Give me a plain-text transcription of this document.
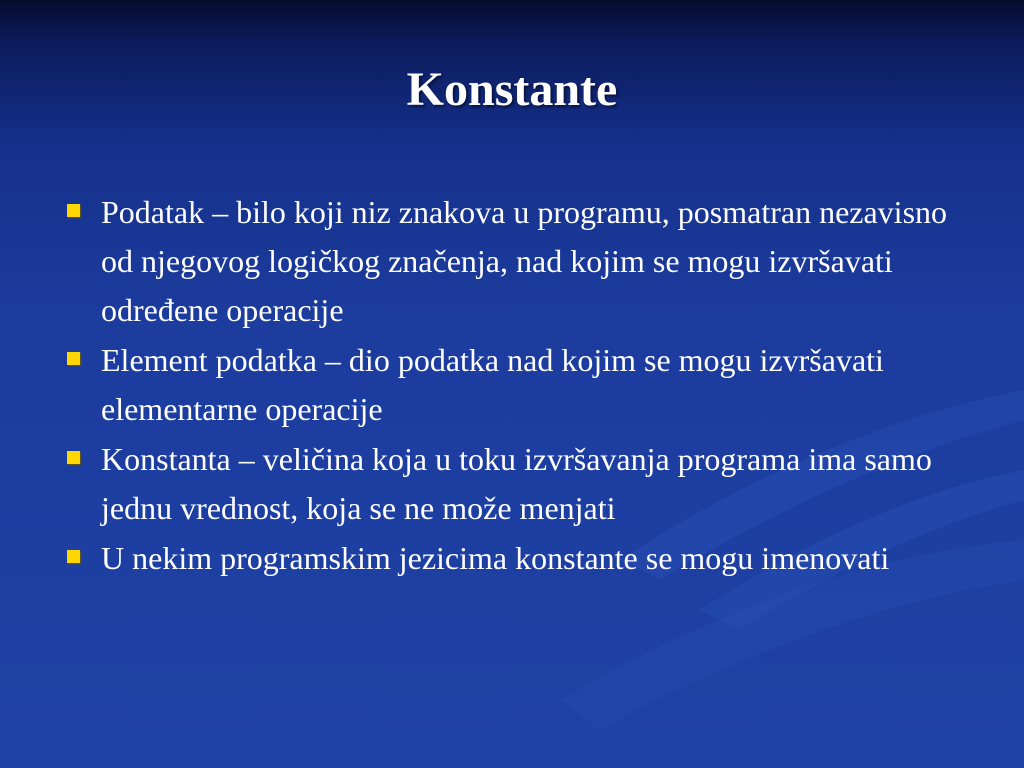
Konstante
Podatak – bilo koji niz znakova u programu, posmatran nezavisno od njegovog logičkog značenja, nad kojim se mogu izvršavati određene operacije
Element podatka – dio podatka nad kojim se mogu izvršavati elementarne operacije
Konstanta – veličina koja u toku izvršavanja programa ima samo jednu vrednost, koja se ne može menjati
U nekim programskim jezicima konstante se mogu imenovati
